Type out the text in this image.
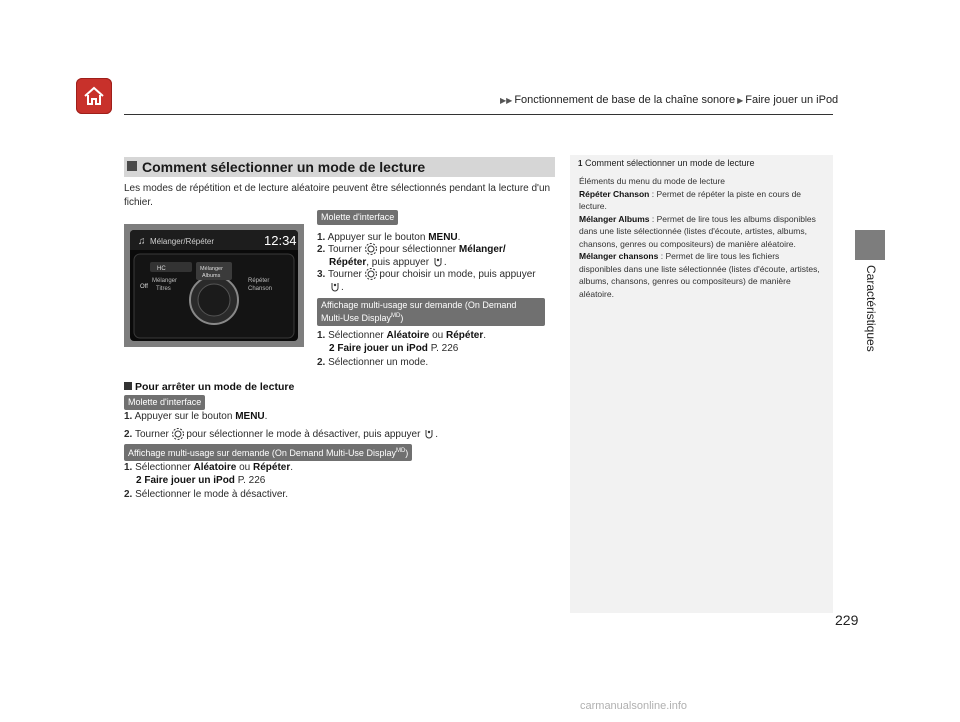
▶▶ Fonctionnement de base de la chaîne sonore ▶ Faire jouer un iPod
Caractéristiques
Comment sélectionner un mode de lecture
Les modes de répétition et de lecture aléatoire peuvent être sélectionnés pendant la lecture d'un fichier.
♫ Mélanger/Répéter	12:34
HC	Mélanger
Albums
Mélanger
Titres
Répéter
Chanson
Off
Molette d'interface
1. Appuyer sur le bouton MENU.
2. Tourner pour sélectionner Mélanger/
Répéter, puis appuyer .
3. Tourner pour choisir un mode, puis appuyer
.
Affichage multi-usage sur demande (On Demand
Multi-Use Display$^{MD}$)
1. Sélectionner Aléatoire ou Répéter.
2 Faire jouer un iPod P. 226
2. Sélectionner un mode.
Pour arrêter un mode de lecture
Molette d'interface
1. Appuyer sur le bouton MENU.
2. Tourner pour sélectionner le mode à désactiver, puis appuyer .
Affichage multi-usage sur demande (On Demand Multi-Use Display$^{MD}$)
1. Sélectionner Aléatoire ou Répéter.
2 Faire jouer un iPod P. 226
2. Sélectionner le mode à désactiver.
1 Comment sélectionner un mode de lecture
Éléments du menu du mode de lecture
Répéter Chanson : Permet de répéter la piste en cours de lecture.
Mélanger Albums : Permet de lire tous les albums disponibles dans une liste sélectionnée (listes d'écoute, artistes, albums, chansons, genres ou compositeurs) de manière aléatoire.
Mélanger chansons : Permet de lire tous les fichiers disponibles dans une liste sélectionnée (listes d'écoute, artistes, albums, chansons, genres ou compositeurs) de manière aléatoire.
229
carmanualsonline.info
